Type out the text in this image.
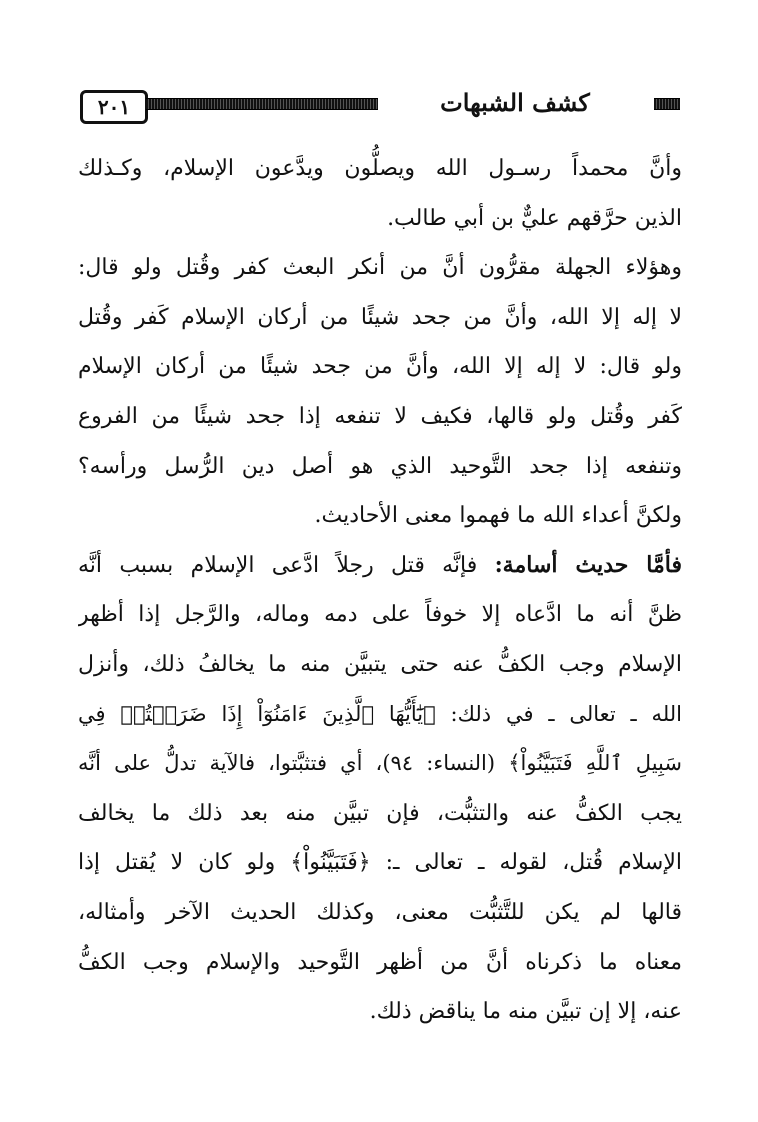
٢٠١	كشف الشبهات
وأنَّ محمداً رسـول الله ويصلُّون ويدَّعون الإسلام، وكـذلك
الذين حرَّقهم عليٌّ بن أبي طالب.
وهؤلاء الجهلة مقرُّون أنَّ من أنكر البعث كفر وقُتل ولو قال:
لا إله إلا الله، وأنَّ من جحد شيئًا من أركان الإسلام كَفر وقُتل
ولو قال: لا إله إلا الله، وأنَّ من جحد شيئًا من أركان الإسلام
كَفر وقُتل ولو قالها، فكيف لا تنفعه إذا جحد شيئًا من الفروع
وتنفعه إذا جحد التَّوحيد الذي هو أصل دين الرُّسل ورأسه؟
ولكنَّ أعداء الله ما فهموا معنى الأحاديث.
فأمَّا حديث أسامة: فإنَّه قتل رجلاً ادَّعى الإسلام بسبب أنَّه
ظنَّ أنه ما ادَّعاه إلا خوفاً على دمه وماله، والرَّجل إذا أظهر
الإسلام وجب الكفُّ عنه حتى يتبيَّن منه ما يخالفُ ذلك، وأنزل
الله ـ تعالى ـ في ذلك: ﴿يَٰٓأَيُّهَا ٱلَّذِينَ ءَامَنُوٓاْ إِذَا ضَرَبۡتُمۡ فِي
سَبِيلِ ٱللَّهِ فَتَبَيَّنُواْ﴾ (النساء: ٩٤)، أي فتثبَّتوا، فالآية تدلُّ على أنَّه
يجب الكفُّ عنه والتثبُّت، فإن تبيَّن منه بعد ذلك ما يخالف
الإسلام قُتل، لقوله ـ تعالى ـ: ﴿فَتَبَيَّنُواْ﴾ ولو كان لا يُقتل إذا
قالها لم يكن للتَّثبُّت معنى، وكذلك الحديث الآخر وأمثاله،
معناه ما ذكرناه أنَّ من أظهر التَّوحيد والإسلام وجب الكفُّ
عنه، إلا إن تبيَّن منه ما يناقض ذلك.
